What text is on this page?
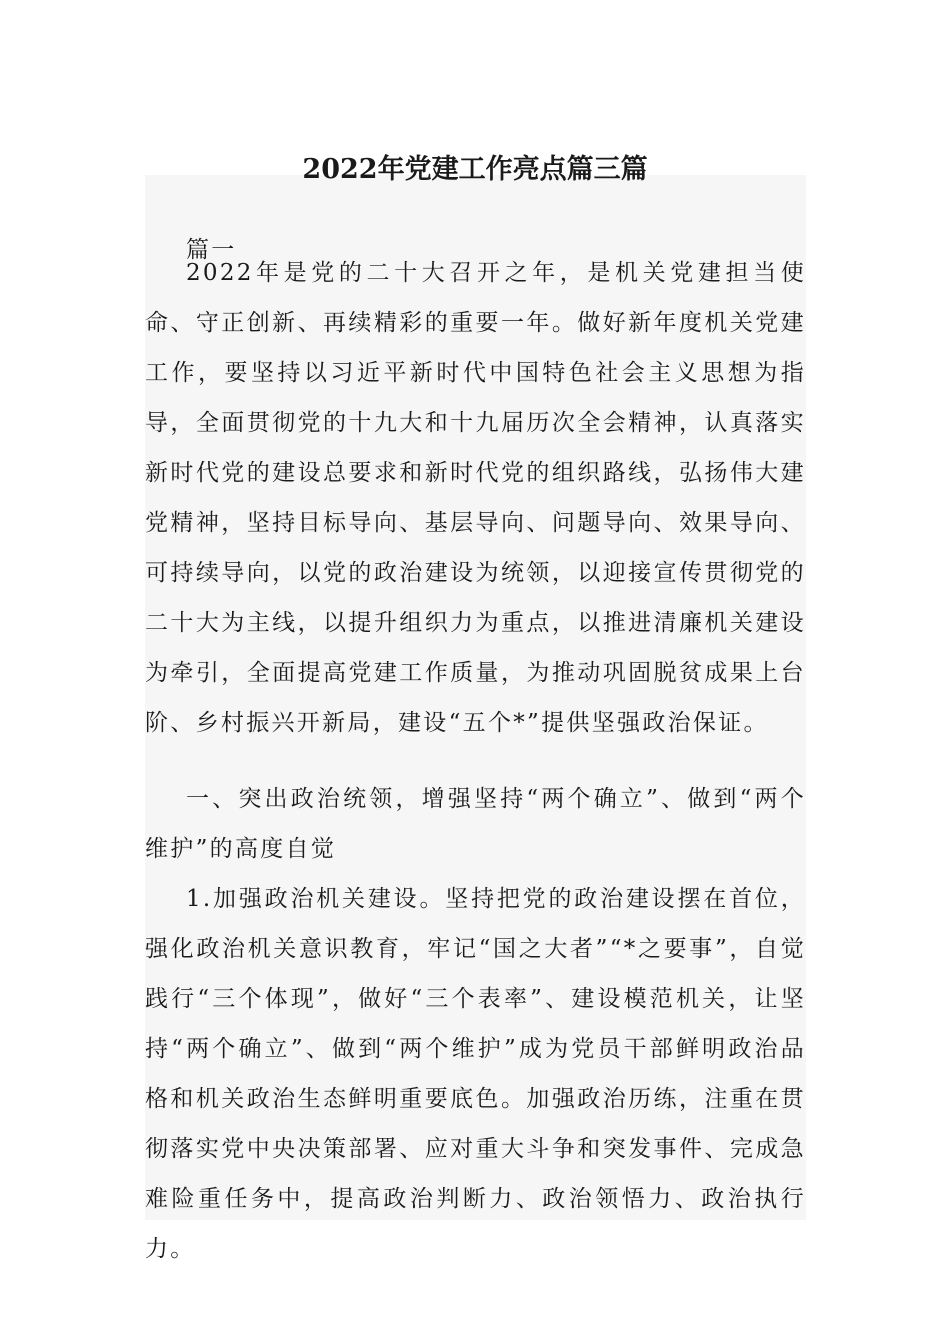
2022年党建工作亮点篇三篇

篇一

2022年是党的二十大召开之年，是机关党建担当使命、守正创新、再续精彩的重要一年。做好新年度机关党建工作，要坚持以习近平新时代中国特色社会主义思想为指导，全面贯彻党的十九大和十九届历次全会精神，认真落实新时代党的建设总要求和新时代党的组织路线，弘扬伟大建党精神，坚持目标导向、基层导向、问题导向、效果导向、可持续导向，以党的政治建设为统领，以迎接宣传贯彻党的二十大为主线，以提升组织力为重点，以推进清廉机关建设为牵引，全面提高党建工作质量，为推动巩固脱贫成果上台阶、乡村振兴开新局，建设“五个*”提供坚强政治保证。

一、突出政治统领，增强坚持“两个确立”、做到“两个维护”的高度自觉

1.加强政治机关建设。坚持把党的政治建设摆在首位，强化政治机关意识教育，牢记“国之大者”“*之要事”，自觉践行“三个体现”，做好“三个表率”、建设模范机关，让坚持“两个确立”、做到“两个维护”成为党员干部鲜明政治品格和机关政治生态鲜明重要底色。加强政治历练，注重在贯彻落实党中央决策部署、应对重大斗争和突发事件、完成急难险重任务中，提高政治判断力、政治领悟力、政治执行力。
